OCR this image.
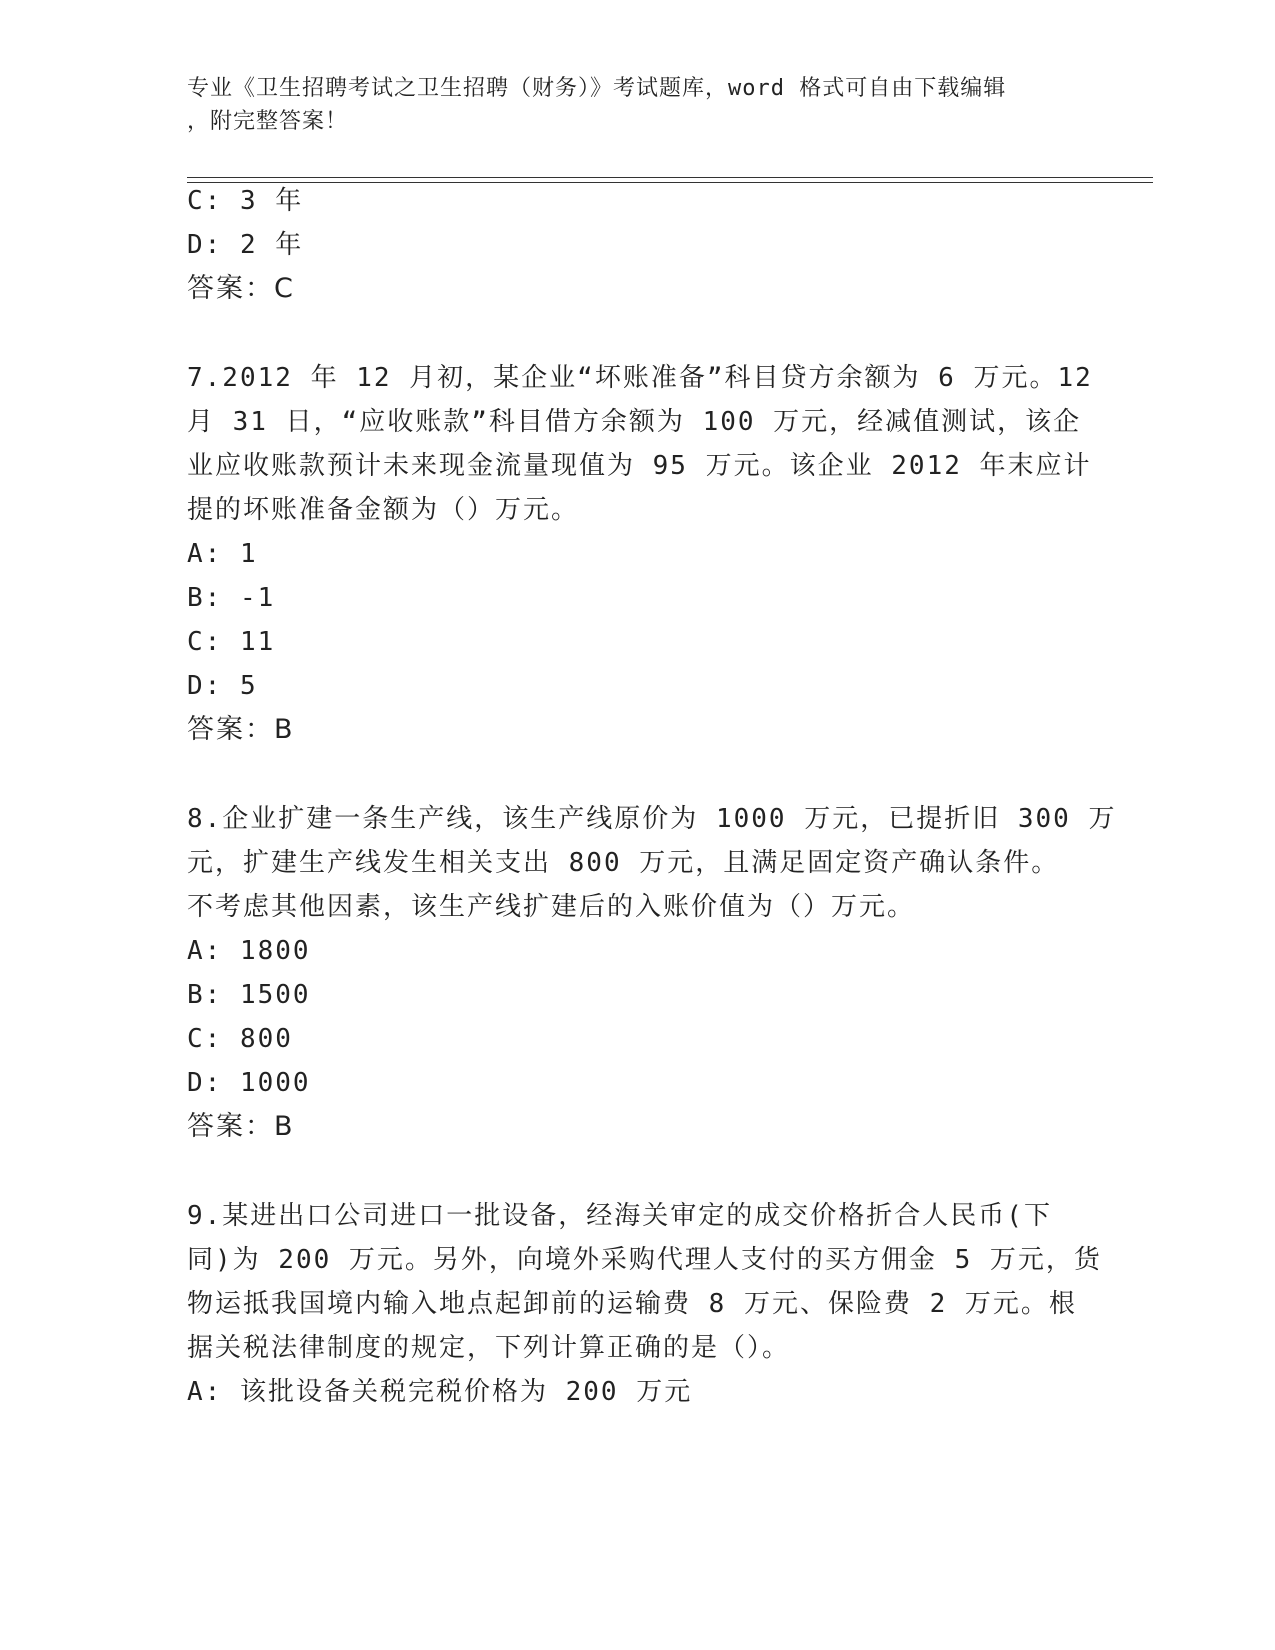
专业《卫生招聘考试之卫生招聘（财务）》考试题库，word 格式可自由下载编辑
，附完整答案！
C: 3 年
D: 2 年
答案：C
7.2012 年 12 月初，某企业“坏账准备”科目贷方余额为 6 万元。12
月 31 日，“应收账款”科目借方余额为 100 万元，经减值测试，该企
业应收账款预计未来现金流量现值为 95 万元。该企业 2012 年末应计
提的坏账准备金额为（）万元。
A: 1
B: -1
C: 11
D: 5
答案：B
8.企业扩建一条生产线，该生产线原价为 1000 万元，已提折旧 300 万
元，扩建生产线发生相关支出 800 万元，且满足固定资产确认条件。
不考虑其他因素，该生产线扩建后的入账价值为（）万元。
A: 1800
B: 1500
C: 800
D: 1000
答案：B
9.某进出口公司进口一批设备，经海关审定的成交价格折合人民币(下
同)为 200 万元。另外，向境外采购代理人支付的买方佣金 5 万元，货
物运抵我国境内输入地点起卸前的运输费 8 万元、保险费 2 万元。根
据关税法律制度的规定，下列计算正确的是（）。
A: 该批设备关税完税价格为 200 万元
